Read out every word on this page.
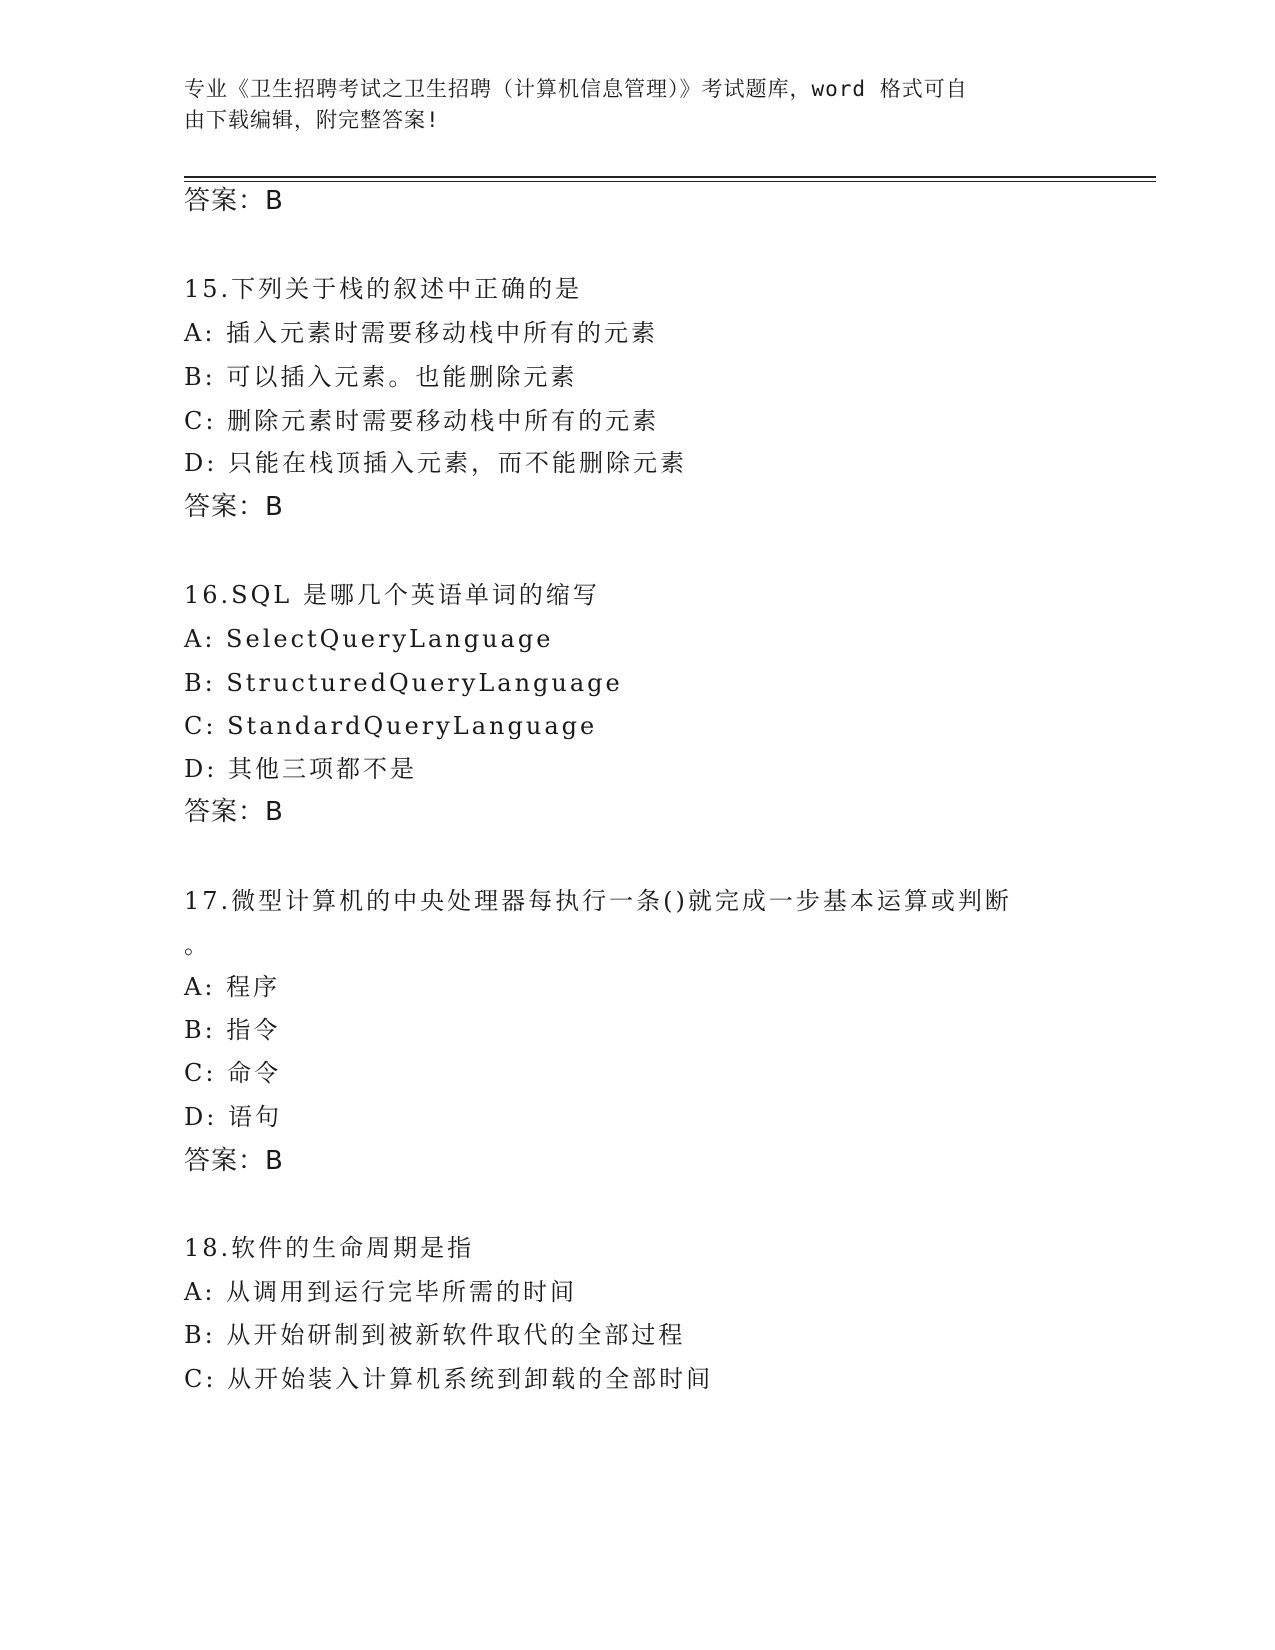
专业《卫生招聘考试之卫生招聘（计算机信息管理）》考试题库，word 格式可自
由下载编辑，附完整答案!
答案：B
15.下列关于栈的叙述中正确的是
A: 插入元素时需要移动栈中所有的元素
B: 可以插入元素。也能删除元素
C: 删除元素时需要移动栈中所有的元素
D: 只能在栈顶插入元素，而不能删除元素
答案：B
16.SQL 是哪几个英语单词的缩写
A: SelectQueryLanguage
B: StructuredQueryLanguage
C: StandardQueryLanguage
D: 其他三项都不是
答案：B
17.微型计算机的中央处理器每执行一条()就完成一步基本运算或判断
。
A: 程序
B: 指令
C: 命令
D: 语句
答案：B
18.软件的生命周期是指
A: 从调用到运行完毕所需的时间
B: 从开始研制到被新软件取代的全部过程
C: 从开始装入计算机系统到卸载的全部时间
